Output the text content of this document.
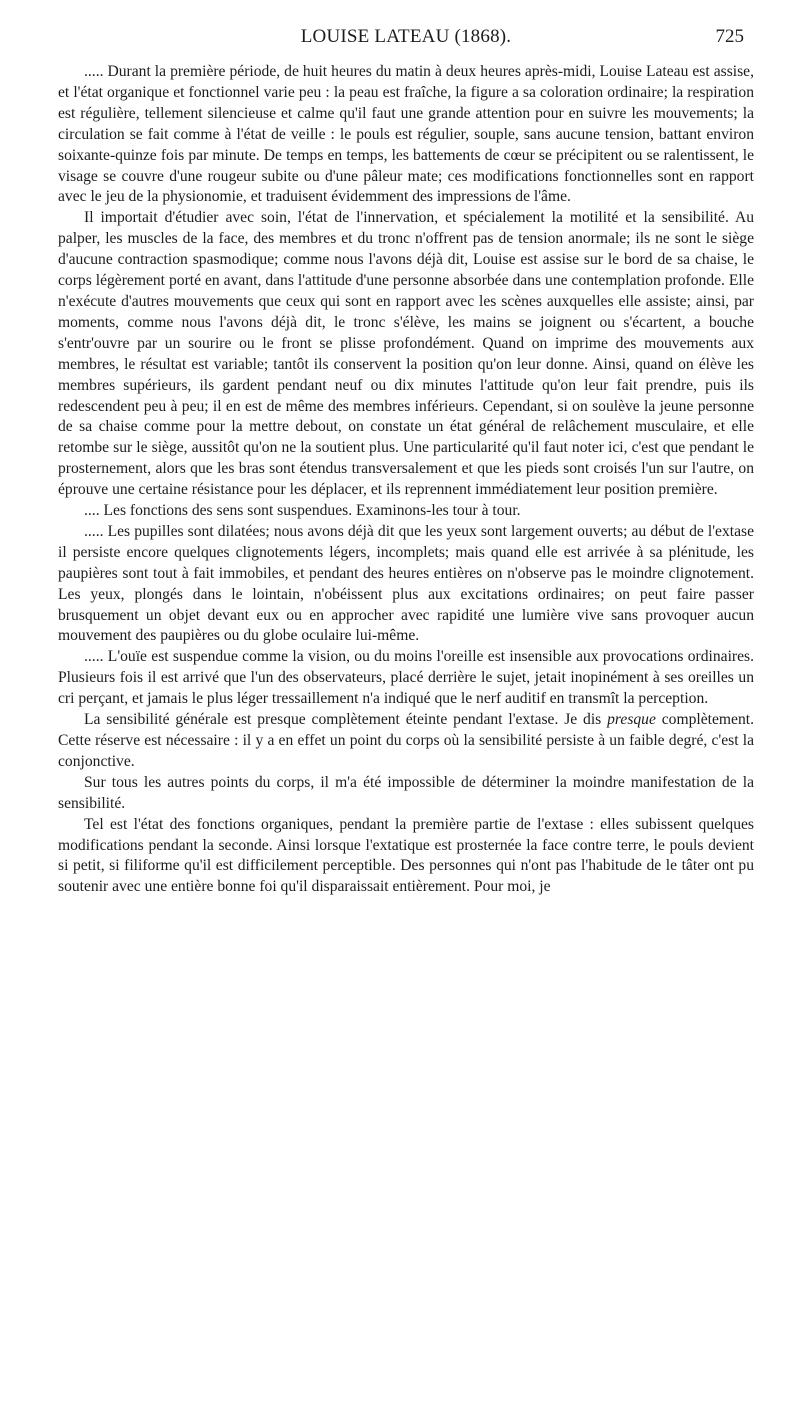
LOUISE LATEAU (1868).	725

..... Durant la première période, de huit heures du matin à deux heures après-midi, Louise Lateau est assise, et l'état organique et fonctionnel varie peu : la peau est fraîche, la figure a sa coloration ordinaire; la respiration est régulière, tellement silencieuse et calme qu'il faut une grande attention pour en suivre les mouvements; la circulation se fait comme à l'état de veille : le pouls est régulier, souple, sans aucune tension, battant environ soixante-quinze fois par minute. De temps en temps, les battements de cœur se précipitent ou se ralentissent, le visage se couvre d'une rougeur subite ou d'une pâleur mate; ces modifications fonctionnelles sont en rapport avec le jeu de la physionomie, et traduisent évidemment des impressions de l'âme.

Il importait d'étudier avec soin, l'état de l'innervation, et spécialement la motilité et la sensibilité. Au palper, les muscles de la face, des membres et du tronc n'offrent pas de tension anormale; ils ne sont le siège d'aucune contraction spasmodique; comme nous l'avons déjà dit, Louise est assise sur le bord de sa chaise, le corps légèrement porté en avant, dans l'attitude d'une personne absorbée dans une contemplation profonde. Elle n'exécute d'autres mouvements que ceux qui sont en rapport avec les scènes auxquelles elle assiste; ainsi, par moments, comme nous l'avons déjà dit, le tronc s'élève, les mains se joignent ou s'écartent, a bouche s'entr'ouvre par un sourire ou le front se plisse profondément. Quand on imprime des mouvements aux membres, le résultat est variable; tantôt ils conservent la position qu'on leur donne. Ainsi, quand on élève les membres supérieurs, ils gardent pendant neuf ou dix minutes l'attitude qu'on leur fait prendre, puis ils redescendent peu à peu; il en est de même des membres inférieurs. Cependant, si on soulève la jeune personne de sa chaise comme pour la mettre debout, on constate un état général de relâchement musculaire, et elle retombe sur le siège, aussitôt qu'on ne la soutient plus. Une particularité qu'il faut noter ici, c'est que pendant le prosternement, alors que les bras sont étendus transversalement et que les pieds sont croisés l'un sur l'autre, on éprouve une certaine résistance pour les déplacer, et ils reprennent immédiatement leur position première.

.... Les fonctions des sens sont suspendues. Examinons-les tour à tour.

..... Les pupilles sont dilatées; nous avons déjà dit que les yeux sont largement ouverts; au début de l'extase il persiste encore quelques clignotements légers, incomplets; mais quand elle est arrivée à sa plénitude, les paupières sont tout à fait immobiles, et pendant des heures entières on n'observe pas le moindre clignotement. Les yeux, plongés dans le lointain, n'obéissent plus aux excitations ordinaires; on peut faire passer brusquement un objet devant eux ou en approcher avec rapidité une lumière vive sans provoquer aucun mouvement des paupières ou du globe oculaire lui-même.

..... L'ouïe est suspendue comme la vision, ou du moins l'oreille est insensible aux provocations ordinaires. Plusieurs fois il est arrivé que l'un des observateurs, placé derrière le sujet, jetait inopinément à ses oreilles un cri perçant, et jamais le plus léger tressaillement n'a indiqué que le nerf auditif en transmît la perception.

La sensibilité générale est presque complètement éteinte pendant l'extase. Je dis presque complètement. Cette réserve est nécessaire : il y a en effet un point du corps où la sensibilité persiste à un faible degré, c'est la conjonctive.

Sur tous les autres points du corps, il m'a été impossible de déterminer la moindre manifestation de la sensibilité.

Tel est l'état des fonctions organiques, pendant la première partie de l'extase : elles subissent quelques modifications pendant la seconde. Ainsi lorsque l'extatique est prosternée la face contre terre, le pouls devient si petit, si filiforme qu'il est difficilement perceptible. Des personnes qui n'ont pas l'habitude de le tâter ont pu soutenir avec une entière bonne foi qu'il disparaissait entièrement. Pour moi, je
